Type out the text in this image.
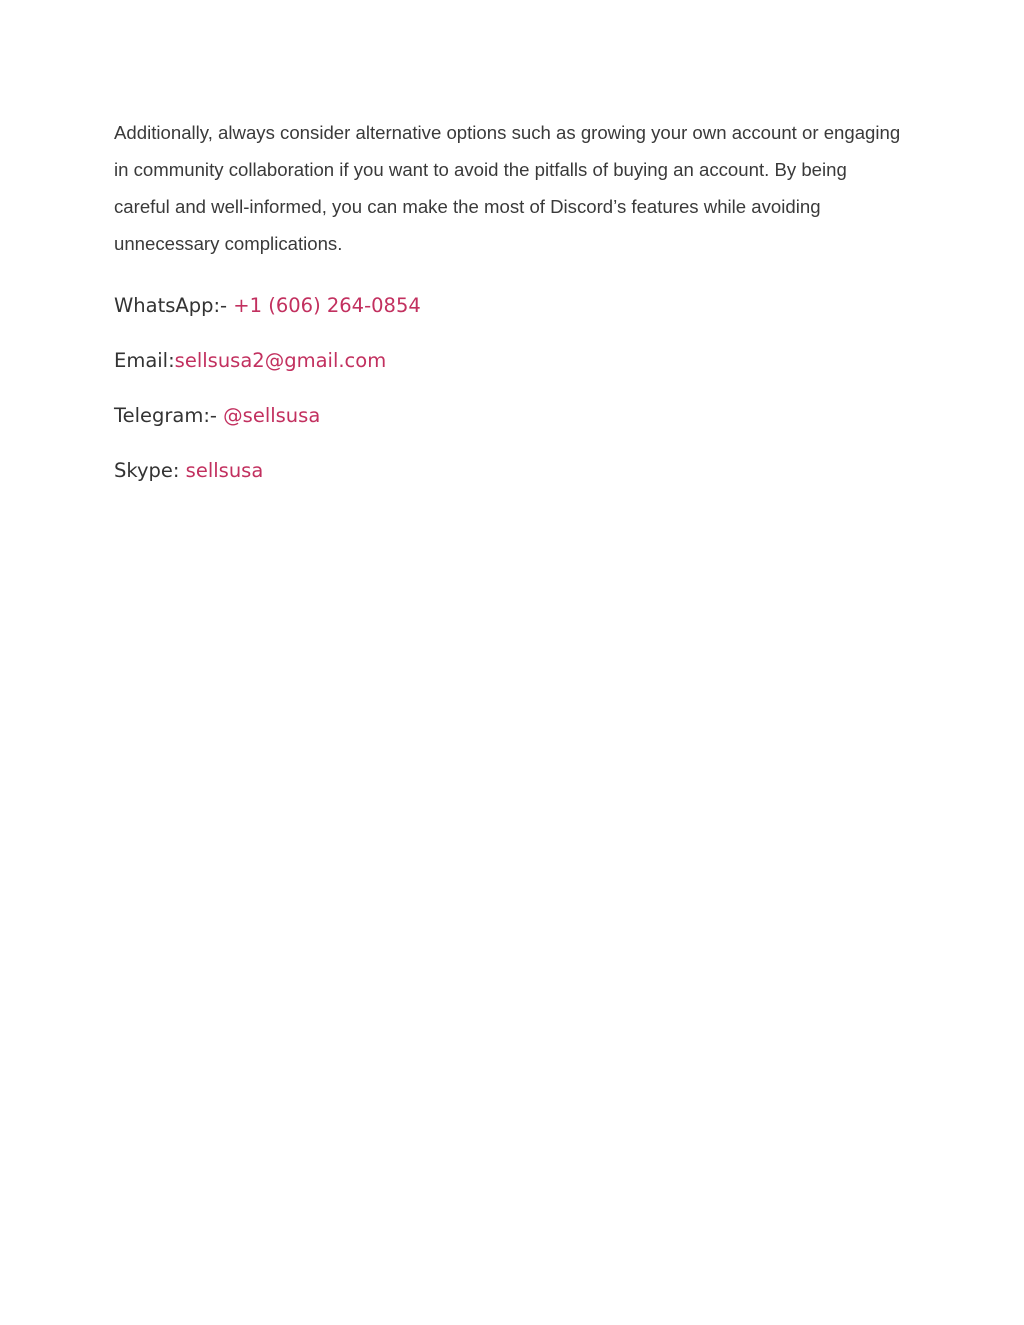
Additionally, always consider alternative options such as growing your own account or engaging in community collaboration if you want to avoid the pitfalls of buying an account. By being careful and well-informed, you can make the most of Discord’s features while avoiding unnecessary complications.

WhatsApp:- +1 (606) 264-0854

Email:sellsusa2@gmail.com

Telegram:- @sellsusa

Skype: sellsusa
